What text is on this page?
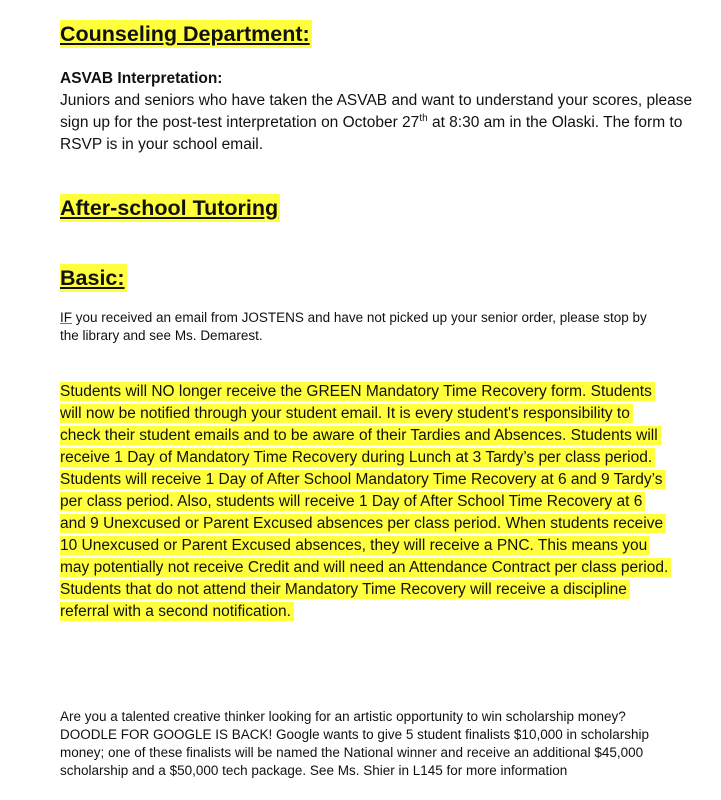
Counseling Department:

ASVAB Interpretation:
Juniors and seniors who have taken the ASVAB and want to understand your scores, please sign up for the post-test interpretation on October 27th at 8:30 am in the Olaski. The form to RSVP is in your school email.

After-school Tutoring
Basic:

IF you received an email from JOSTENS and have not picked up your senior order, please stop by the library and see Ms. Demarest.

Students will NO longer receive the GREEN Mandatory Time Recovery form. Students will now be notified through your student email. It is every student's responsibility to check their student emails and to be aware of their Tardies and Absences. Students will receive 1 Day of Mandatory Time Recovery during Lunch at 3 Tardy’s per class period. Students will receive 1 Day of After School Mandatory Time Recovery at 6 and 9 Tardy’s per class period. Also, students will receive 1 Day of After School Time Recovery at 6 and 9 Unexcused or Parent Excused absences per class period. When students receive 10 Unexcused or Parent Excused absences, they will receive a PNC. This means you may potentially not receive Credit and will need an Attendance Contract per class period. Students that do not attend their Mandatory Time Recovery will receive a discipline referral with a second notification.

Are you a talented creative thinker looking for an artistic opportunity to win scholarship money? DOODLE FOR GOOGLE IS BACK! Google wants to give 5 student finalists $10,000 in scholarship money; one of these finalists will be named the National winner and receive an additional $45,000 scholarship and a $50,000 tech package. See Ms. Shier in L145 for more information
